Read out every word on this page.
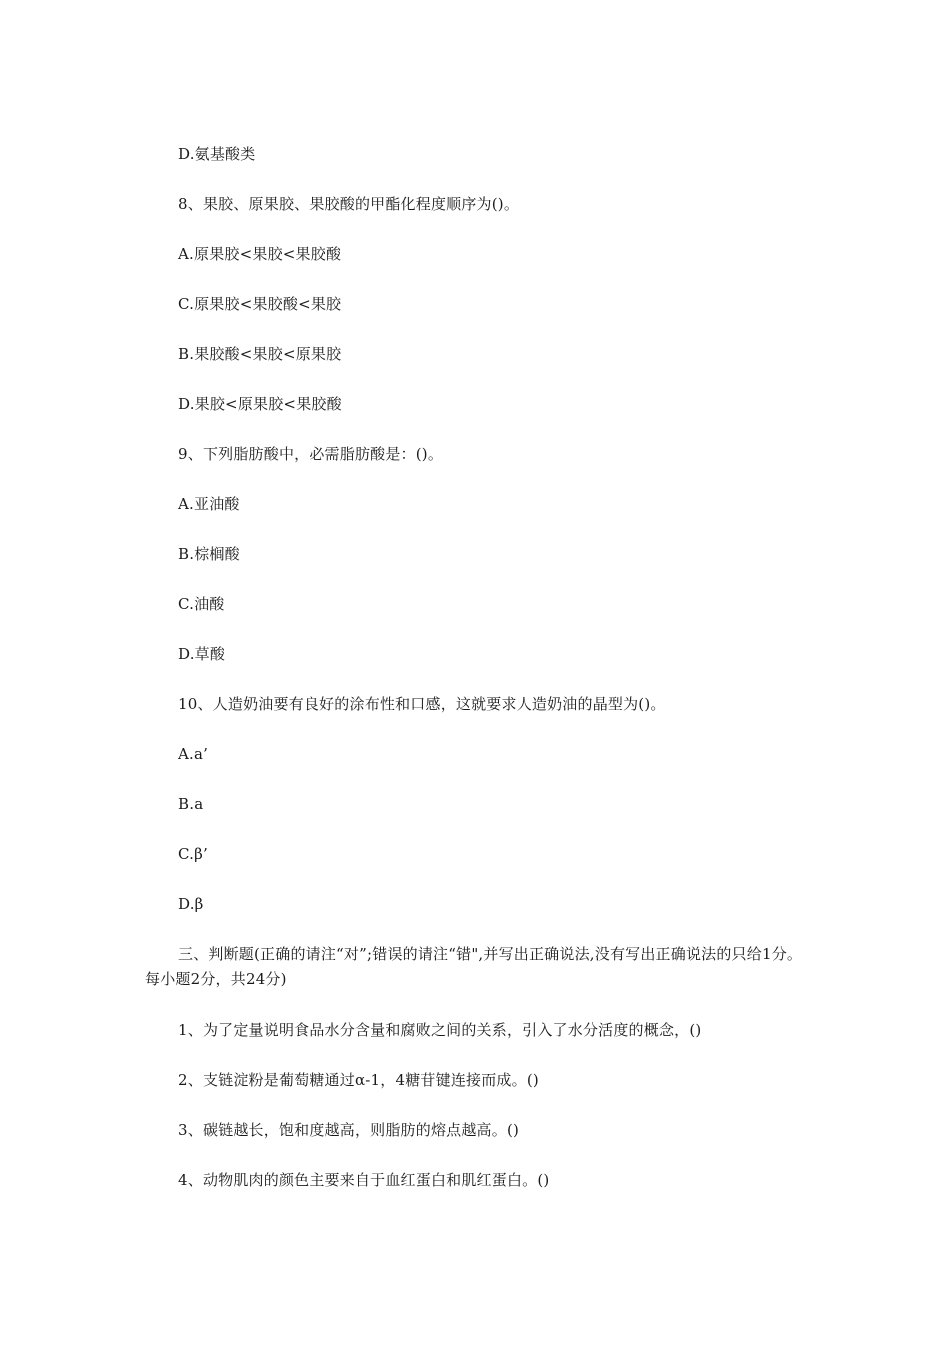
D.氨基酸类
8、果胶、原果胶、果胶酸的甲酯化程度顺序为()。
A.原果胶<果胶<果胶酸
C.原果胶<果胶酸<果胶
B.果胶酸<果胶<原果胶
D.果胶<原果胶<果胶酸
9、下列脂肪酸中，必需脂肪酸是：()。
A.亚油酸
B.棕榈酸
C.油酸
D.草酸
10、人造奶油要有良好的涂布性和口感，这就要求人造奶油的晶型为()。
A.a’
B.a
C.β’
D.β
三、判断题(正确的请注“对”;错误的请注“错",并写出正确说法,没有写出正确说法的只给1分。每小题2分，共24分)
1、为了定量说明食品水分含量和腐败之间的关系，引入了水分活度的概念，()
2、支链淀粉是葡萄糖通过α-1，4糖苷键连接而成。()
3、碳链越长，饱和度越高，则脂肪的熔点越高。()
4、动物肌肉的颜色主要来自于血红蛋白和肌红蛋白。()
